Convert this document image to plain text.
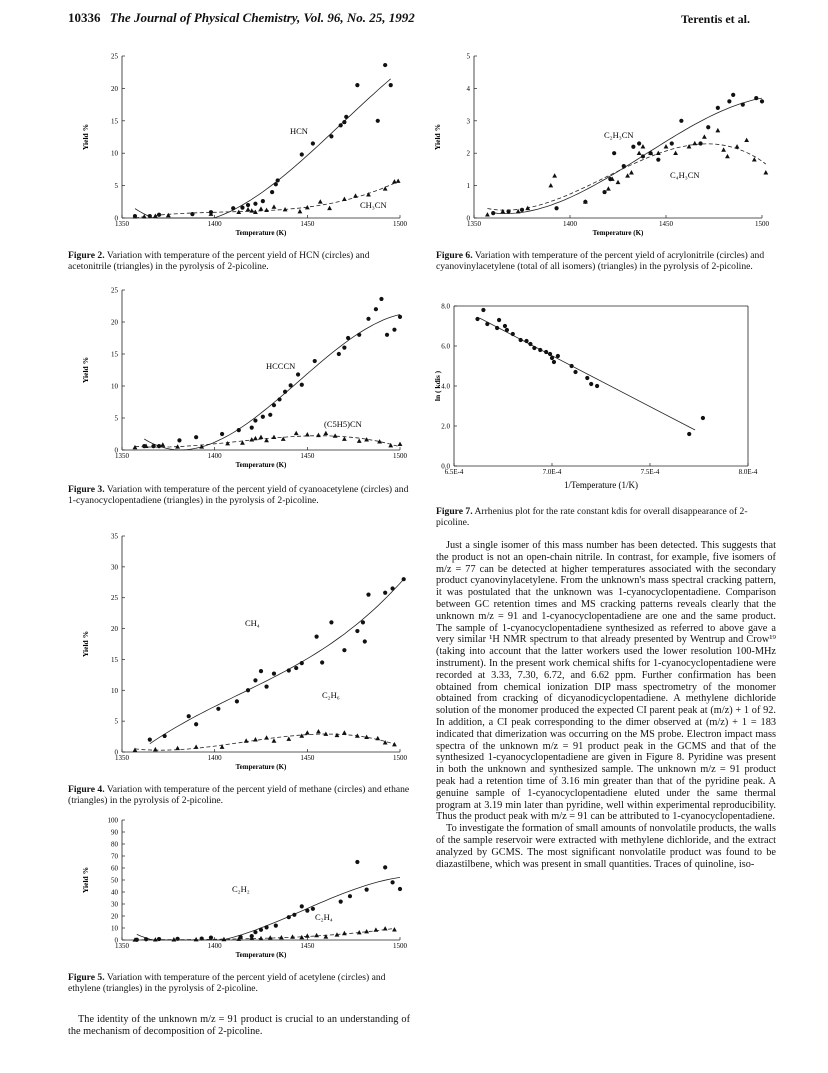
10336 The Journal of Physical Chemistry, Vol. 96, No. 25, 1992	Terentis et al.
0
5
10
15
20
25
1350	1400	1450	1500
Temperature (K)
Yield %	HCN
CH₃CN
Figure 2. Variation with temperature of the percent yield of HCN (circles) and acetonitrile (triangles) in the pyrolysis of 2-picoline.
0
5
10
15
20
25
1350	1400	1450	1500
Temperature (K)
Yield %	HCCCN
(C5H5)CN
Figure 3. Variation with temperature of the percent yield of cyanoacetylene (circles) and 1-cyanocyclopentadiene (triangles) in the pyrolysis of 2-picoline.
0
5
10
15
20
25
30
35
1350	1400	1450	1500
Temperature (K)
Yield %
CH₄
C₂H₆
Figure 4. Variation with temperature of the percent yield of methane (circles) and ethane (triangles) in the pyrolysis of 2-picoline.
0
10
20
30
40
50
60
70
80
90
100
1350	1400	1450	1500
Temperature (K)
Yield %	C₂H₂
C₂H₄
Figure 5. Variation with temperature of the percent yield of acetylene (circles) and ethylene (triangles) in the pyrolysis of 2-picoline.
The identity of the unknown m/z = 91 product is crucial to an understanding of the mechanism of decomposition of 2-picoline.
0
1
2
3
4
5
1350	1400	1450	1500
Temperature (K)
Yield %	C₂H₃CN
C₄H₃CN
Figure 6. Variation with temperature of the percent yield of acrylonitrile (circles) and cyanovinylacetylene (total of all isomers) (triangles) in the pyrolysis of 2-picoline.
0.0
2.0
4.0
6.0
8.0
6.5E-4	7.0E-4	7.5E-4	8.0E-4
1/Temperature (1/K)
ln ( kdis )
Figure 7. Arrhenius plot for the rate constant kdis for overall disappearance of 2-picoline.

Just a single isomer of this mass number has been detected. This suggests that the product is not an open-chain nitrile. In contrast, for example, five isomers of m/z = 77 can be detected at higher temperatures associated with the secondary product cyanovinylacetylene. From the unknown's mass spectral cracking pattern, it was postulated that the unknown was 1-cyanocyclopentadiene. Comparison between GC retention times and MS cracking patterns reveals clearly that the unknown m/z = 91 and 1-cyanocyclopentadiene are one and the same product. The sample of 1-cyanocyclopentadiene synthesized as referred to above gave a very similar ¹H NMR spectrum to that already presented by Wentrup and Crow¹⁹ (taking into account that the latter workers used the lower resolution 100-MHz instrument). In the present work chemical shifts for 1-cyanocyclopentadiene were recorded at 3.33, 7.30, 6.72, and 6.62 ppm. Further confirmation has been obtained from chemical ionization DIP mass spectrometry of the monomer obtained from cracking of dicyanodicyclopentadiene. A methylene dichloride solution of the monomer produced the expected CI parent peak at (m/z) + 1 of 92. In addition, a CI peak corresponding to the dimer observed at (m/z) + 1 = 183 indicated that dimerization was occurring on the MS probe. Electron impact mass spectra of the unknown m/z = 91 product peak in the GCMS and that of the synthesized 1-cyanocyclopentadiene are given in Figure 8. Pyridine was present in both the unknown and synthesized sample. The unknown m/z = 91 product peak had a retention time of 3.16 min greater than that of the pyridine peak. A genuine sample of 1-cyanocyclopentadiene eluted under the same thermal program at 3.19 min later than pyridine, well within experimental reproducibility. Thus the product peak with m/z = 91 can be attributed to 1-cyanocyclopentadiene.

To investigate the formation of small amounts of nonvolatile products, the walls of the sample reservoir were extracted with methylene dichloride, and the extract analyzed by GCMS. The most significant nonvolatile product was found to be diazastilbene, which was present in small quantities. Traces of quinoline, iso-
